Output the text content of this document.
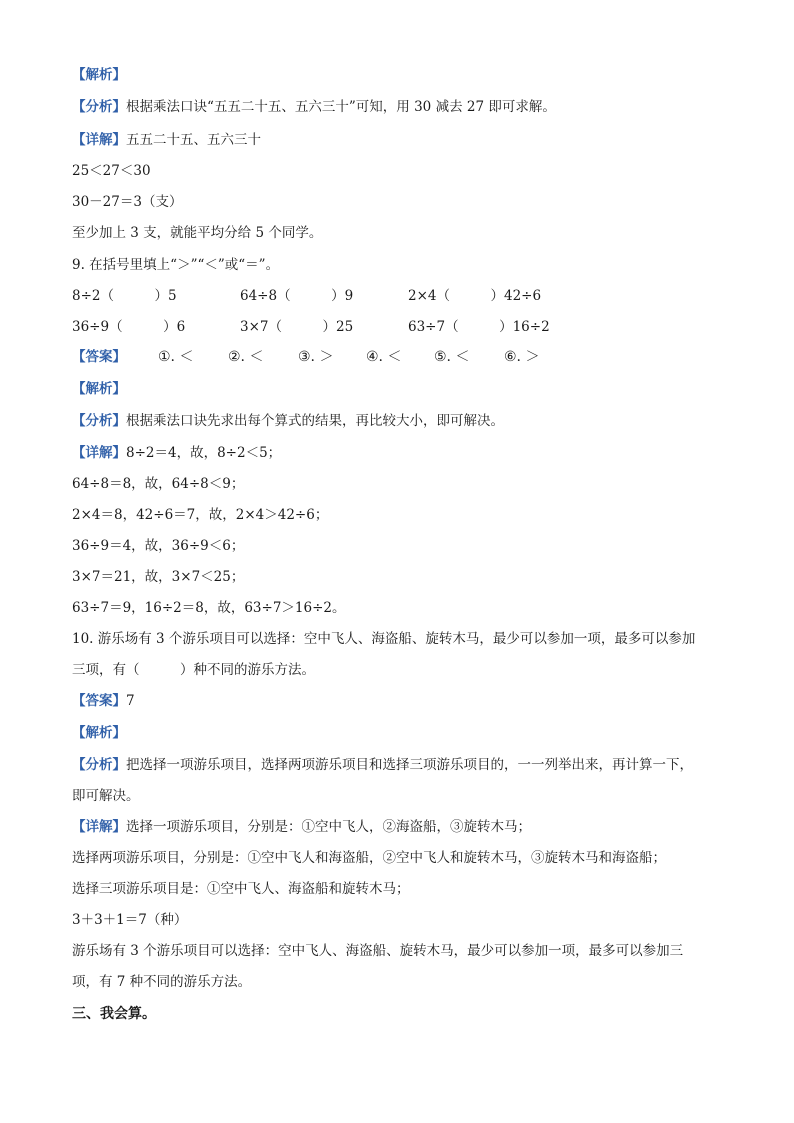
【解析】
【分析】根据乘法口诀“五五二十五、五六三十”可知，用 30 减去 27 即可求解。
【详解】五五二十五、五六三十
25＜27＜30
30－27＝3（支）
至少加上 3 支，就能平均分给 5 个同学。
9. 在括号里填上“＞”“＜”或“＝”。
8÷2（　　　）5	64÷8（　　　）9	2×4（　　　）42÷6
36÷9（　　　）6	3×7（　　　）25	63÷7（　　　）16÷2
【答案】 ①. ＜ ②. ＜ ③. ＞ ④. ＜ ⑤. ＜ ⑥. ＞
【解析】
【分析】根据乘法口诀先求出每个算式的结果，再比较大小，即可解决。
【详解】8÷2＝4，故，8÷2＜5；
64÷8＝8，故，64÷8＜9；
2×4＝8，42÷6＝7，故，2×4＞42÷6；
36÷9＝4，故，36÷9＜6；
3×7＝21，故，3×7＜25；
63÷7＝9，16÷2＝8，故，63÷7＞16÷2。
10. 游乐场有 3 个游乐项目可以选择：空中飞人、海盗船、旋转木马，最少可以参加一项，最多可以参加
三项，有（　　　）种不同的游乐方法。
【答案】7
【解析】
【分析】把选择一项游乐项目，选择两项游乐项目和选择三项游乐项目的，一一列举出来，再计算一下，
即可解决。
【详解】选择一项游乐项目，分别是：①空中飞人，②海盗船，③旋转木马；
选择两项游乐项目，分别是：①空中飞人和海盗船，②空中飞人和旋转木马，③旋转木马和海盗船；
选择三项游乐项目是：①空中飞人、海盗船和旋转木马；
3＋3＋1＝7（种）
游乐场有 3 个游乐项目可以选择：空中飞人、海盗船、旋转木马，最少可以参加一项，最多可以参加三
项，有 7 种不同的游乐方法。
三、我会算。
